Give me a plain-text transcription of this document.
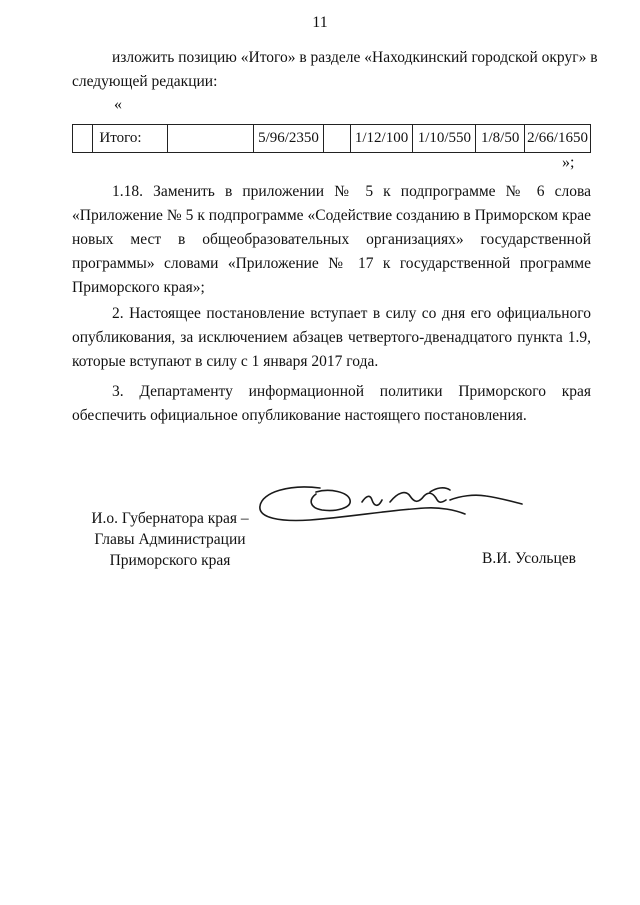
11
изложить позицию «Итого» в разделе «Находкинский городской округ» в
следующей редакции:
«
	Итого:		5/96/2350		1/12/100	1/10/550	1/8/50	2/66/1650
»;
1.18. Заменить в приложении № 5 к подпрограмме № 6 слова
«Приложение № 5 к подпрограмме «Содействие созданию в Приморском крае
новых мест в общеобразовательных организациях» государственной
программы» словами «Приложение № 17 к государственной программе
Приморского края»;
2. Настоящее постановление вступает в силу со дня его официального
опубликования, за исключением абзацев четвертого-двенадцатого пункта 1.9,
которые вступают в силу с 1 января 2017 года.
3. Департаменту информационной политики Приморского края
обеспечить официальное опубликование настоящего постановления.
И.о. Губернатора края –
Главы Администрации
Приморского края	В.И. Усольцев
